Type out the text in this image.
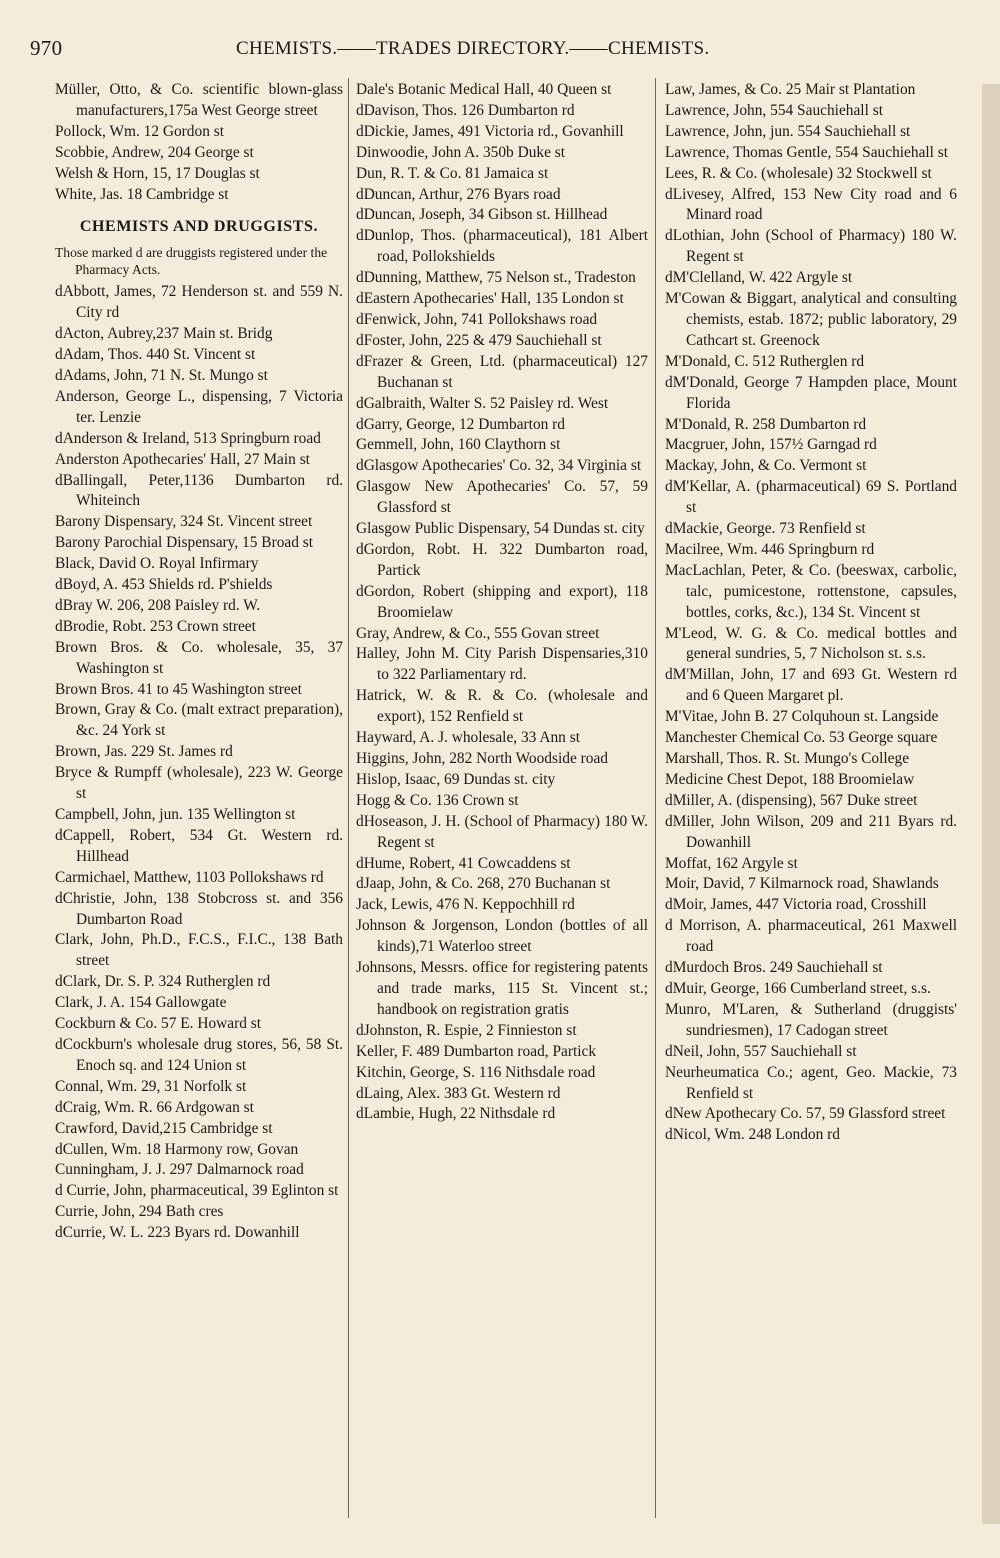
970	CHEMISTS.——TRADES DIRECTORY.——CHEMISTS.
Müller, Otto, & Co. scientific blown-glass manufacturers,175a West George street
Pollock, Wm. 12 Gordon st
Scobbie, Andrew, 204 George st
Welsh & Horn, 15, 17 Douglas st
White, Jas. 18 Cambridge st
CHEMISTS AND DRUGGISTS.
Those marked d are druggists registered under the Pharmacy Acts.
dAbbott, James, 72 Henderson st. and 559 N. City rd
dActon, Aubrey,237 Main st. Bridg
dAdam, Thos. 440 St. Vincent st
dAdams, John, 71 N. St. Mungo st
Anderson, George L., dispensing, 7 Victoria ter. Lenzie
dAnderson & Ireland, 513 Springburn road
Anderston Apothecaries' Hall, 27 Main st
dBallingall, Peter,1136 Dumbarton rd. Whiteinch
Barony Dispensary, 324 St. Vincent street
Barony Parochial Dispensary, 15 Broad st
Black, David O. Royal Infirmary
dBoyd, A. 453 Shields rd. P'shields
dBray W. 206, 208 Paisley rd. W.
dBrodie, Robt. 253 Crown street
Brown Bros. & Co. wholesale, 35, 37 Washington st
Brown Bros. 41 to 45 Washington street
Brown, Gray & Co. (malt extract preparation), &c. 24 York st
Brown, Jas. 229 St. James rd
Bryce & Rumpff (wholesale), 223 W. George st
Campbell, John, jun. 135 Wellington st
dCappell, Robert, 534 Gt. Western rd. Hillhead
Carmichael, Matthew, 1103 Pollokshaws rd
dChristie, John, 138 Stobcross st. and 356 Dumbarton Road
Clark, John, Ph.D., F.C.S., F.I.C., 138 Bath street
dClark, Dr. S. P. 324 Rutherglen rd
Clark, J. A. 154 Gallowgate
Cockburn & Co. 57 E. Howard st
dCockburn's wholesale drug stores, 56, 58 St. Enoch sq. and 124 Union st
Connal, Wm. 29, 31 Norfolk st
dCraig, Wm. R. 66 Ardgowan st
Crawford, David,215 Cambridge st
dCullen, Wm. 18 Harmony row, Govan
Cunningham, J. J. 297 Dalmarnock road
d Currie, John, pharmaceutical, 39 Eglinton st
Currie, John, 294 Bath cres
dCurrie, W. L. 223 Byars rd. Dowanhill
Dale's Botanic Medical Hall, 40 Queen st
dDavison, Thos. 126 Dumbarton rd
dDickie, James, 491 Victoria rd., Govanhill
Dinwoodie, John A. 350b Duke st
Dun, R. T. & Co. 81 Jamaica st
dDuncan, Arthur, 276 Byars road
dDuncan, Joseph, 34 Gibson st. Hillhead
dDunlop, Thos. (pharmaceutical), 181 Albert road, Pollokshields
dDunning, Matthew, 75 Nelson st., Tradeston
dEastern Apothecaries' Hall, 135 London st
dFenwick, John, 741 Pollokshaws road
dFoster, John, 225 & 479 Sauchiehall st
dFrazer & Green, Ltd. (pharmaceutical) 127 Buchanan st
dGalbraith, Walter S. 52 Paisley rd. West
dGarry, George, 12 Dumbarton rd
Gemmell, John, 160 Claythorn st
dGlasgow Apothecaries' Co. 32, 34 Virginia st
Glasgow New Apothecaries' Co. 57, 59 Glassford st
Glasgow Public Dispensary, 54 Dundas st. city
dGordon, Robt. H. 322 Dumbarton road, Partick
dGordon, Robert (shipping and export), 118 Broomielaw
Gray, Andrew, & Co., 555 Govan street
Halley, John M. City Parish Dispensaries,310 to 322 Parliamentary rd.
Hatrick, W. & R. & Co. (wholesale and export), 152 Renfield st
Hayward, A. J. wholesale, 33 Ann st
Higgins, John, 282 North Woodside road
Hislop, Isaac, 69 Dundas st. city
Hogg & Co. 136 Crown st
dHoseason, J. H. (School of Pharmacy) 180 W. Regent st
dHume, Robert, 41 Cowcaddens st
dJaap, John, & Co. 268, 270 Buchanan st
Jack, Lewis, 476 N. Keppochhill rd
Johnson & Jorgenson, London (bottles of all kinds),71 Waterloo street
Johnsons, Messrs. office for registering patents and trade marks, 115 St. Vincent st.; handbook on registration gratis
dJohnston, R. Espie, 2 Finnieston st
Keller, F. 489 Dumbarton road, Partick
Kitchin, George, S. 116 Nithsdale road
dLaing, Alex. 383 Gt. Western rd
dLambie, Hugh, 22 Nithsdale rd
Law, James, & Co. 25 Mair st Plantation
Lawrence, John, 554 Sauchiehall st
Lawrence, John, jun. 554 Sauchiehall st
Lawrence, Thomas Gentle, 554 Sauchiehall st
Lees, R. & Co. (wholesale) 32 Stockwell st
dLivesey, Alfred, 153 New City road and 6 Minard road
dLothian, John (School of Pharmacy) 180 W. Regent st
dM'Clelland, W. 422 Argyle st
M'Cowan & Biggart, analytical and consulting chemists, estab. 1872; public laboratory, 29 Cathcart st. Greenock
M'Donald, C. 512 Rutherglen rd
dM'Donald, George 7 Hampden place, Mount Florida
M'Donald, R. 258 Dumbarton rd
Macgruer, John, 157½ Garngad rd
Mackay, John, & Co. Vermont st
dM'Kellar, A. (pharmaceutical) 69 S. Portland st
dMackie, George. 73 Renfield st
Macilree, Wm. 446 Springburn rd
MacLachlan, Peter, & Co. (beeswax, carbolic, talc, pumicestone, rottenstone, capsules, bottles, corks, &c.), 134 St. Vincent st
M'Leod, W. G. & Co. medical bottles and general sundries, 5, 7 Nicholson st. s.s.
dM'Millan, John, 17 and 693 Gt. Western rd and 6 Queen Margaret pl.
M'Vitae, John B. 27 Colquhoun st. Langside
Manchester Chemical Co. 53 George square
Marshall, Thos. R. St. Mungo's College
Medicine Chest Depot, 188 Broomielaw
dMiller, A. (dispensing), 567 Duke street
dMiller, John Wilson, 209 and 211 Byars rd. Dowanhill
Moffat, 162 Argyle st
Moir, David, 7 Kilmarnock road, Shawlands
dMoir, James, 447 Victoria road, Crosshill
d Morrison, A. pharmaceutical, 261 Maxwell road
dMurdoch Bros. 249 Sauchiehall st
dMuir, George, 166 Cumberland street, s.s.
Munro, M'Laren, & Sutherland (druggists' sundriesmen), 17 Cadogan street
dNeil, John, 557 Sauchiehall st
Neurheumatica Co.; agent, Geo. Mackie, 73 Renfield st
dNew Apothecary Co. 57, 59 Glassford street
dNicol, Wm. 248 London rd
